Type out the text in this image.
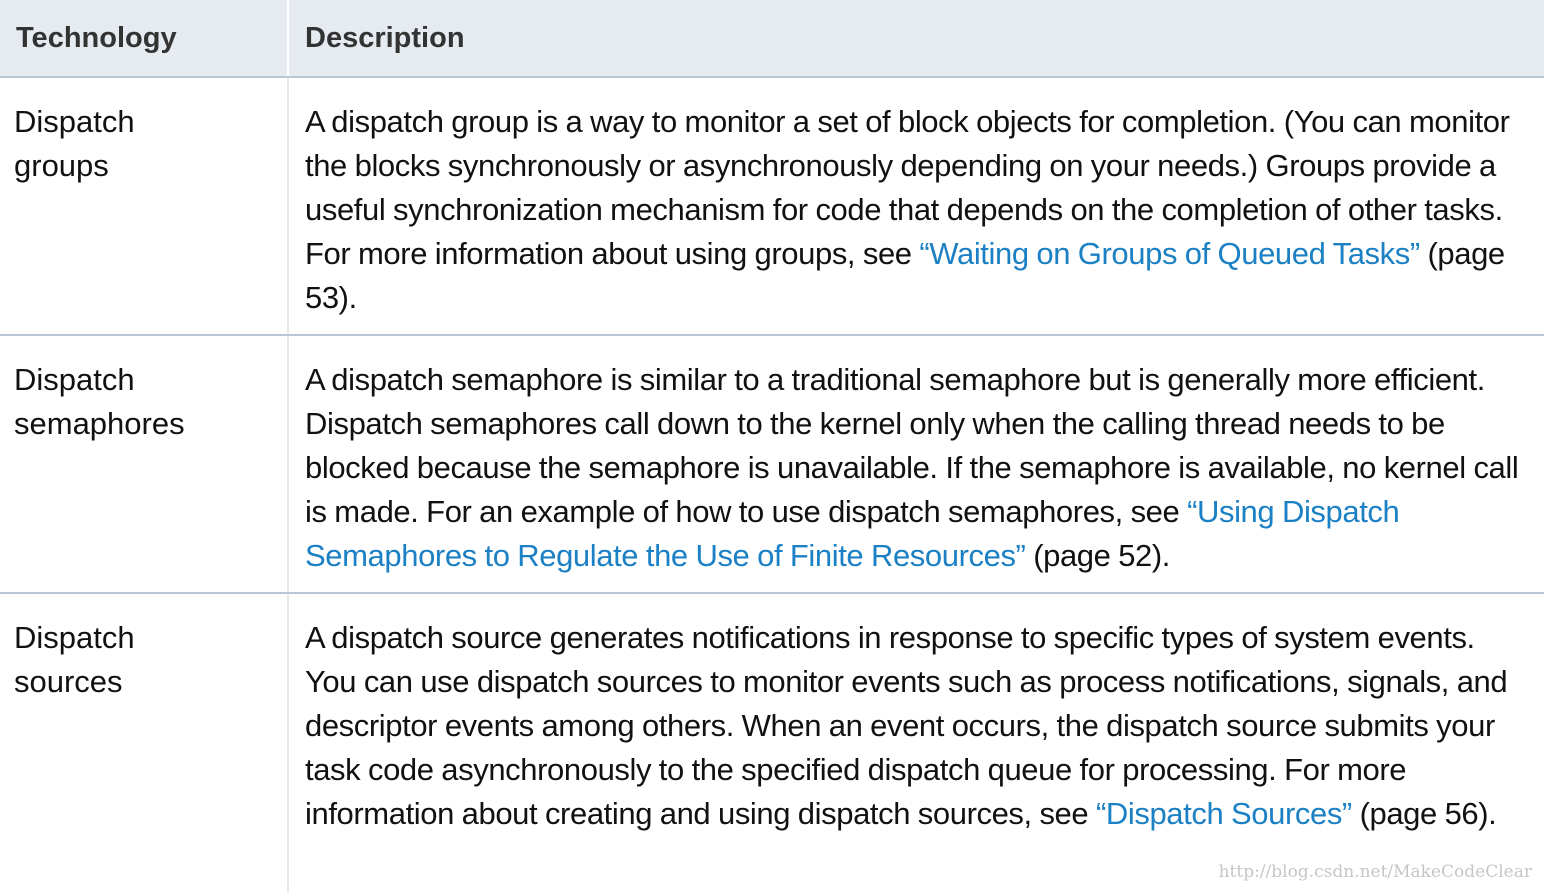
Technology	Description
Dispatch
groups	A dispatch group is a way to monitor a set of block objects for completion. (You can monitor the blocks synchronously or asynchronously depending on your needs.) Groups provide a useful synchronization mechanism for code that depends on the completion of other tasks. For more information about using groups, see “Waiting on Groups of Queued Tasks” (page 53).
Dispatch
semaphores	A dispatch semaphore is similar to a traditional semaphore but is generally more efficient. Dispatch semaphores call down to the kernel only when the calling thread needs to be blocked because the semaphore is unavailable. If the semaphore is available, no kernel call is made. For an example of how to use dispatch semaphores, see “Using Dispatch Semaphores to Regulate the Use of Finite Resources” (page 52).
Dispatch
sources	A dispatch source generates notifications in response to specific types of system events. You can use dispatch sources to monitor events such as process notifications, signals, and descriptor events among others. When an event occurs, the dispatch source submits your task code asynchronously to the specified dispatch queue for processing. For more information about creating and using dispatch sources, see “Dispatch Sources” (page 56).
http://blog.csdn.net/MakeCodeClear
